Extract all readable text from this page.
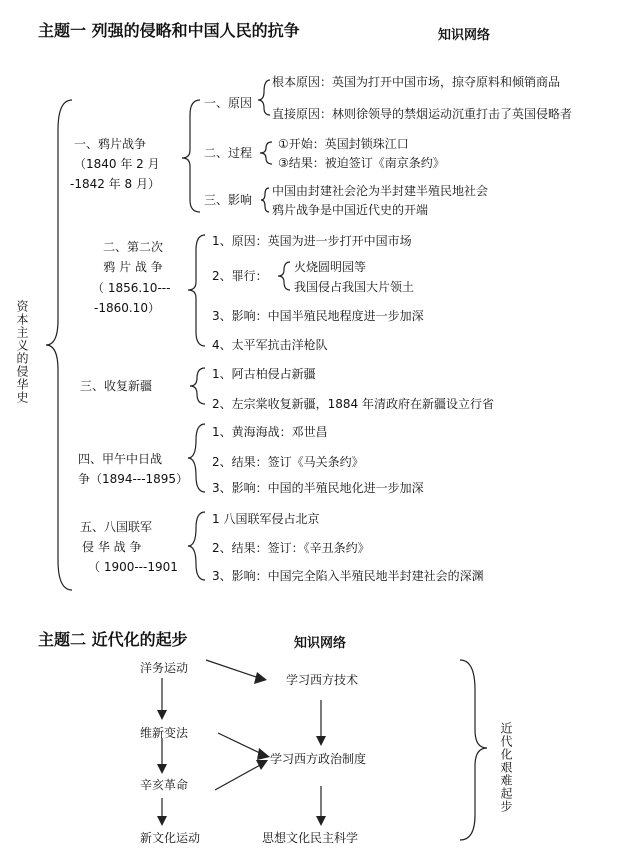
主题一 列强的侵略和中国人民的抗争	知识网络
资本主义的侵华史
一、鸦片战争
（1840 年 2 月
-1842 年 8 月）
一、原因
根本原因：英国为打开中国市场，掠夺原料和倾销商品
直接原因：林则徐领导的禁烟运动沉重打击了英国侵略者
二、过程
①开始：英国封锁珠江口
③结果：被迫签订《南京条约》
三、影响
中国由封建社会沦为半封建半殖民地社会
鸦片战争是中国近代史的开端
二、第二次
鸦 片 战 争
（ 1856.10---
-1860.10）
1、原因：英国为进一步打开中国市场
2、罪行：
火烧圆明园等
我国侵占我国大片领土
3、影响：中国半殖民地程度进一步加深
4、太平军抗击洋枪队
三、收复新疆
1、阿古柏侵占新疆
2、左宗棠收复新疆，1884 年清政府在新疆设立行省
四、甲午中日战
争（1894---1895）
1、黄海海战：邓世昌
2、结果：签订《马关条约》
3、影响：中国的半殖民地化进一步加深
五、八国联军
侵 华 战 争
（ 1900---1901
1 八国联军侵占北京
2、结果：签订：《辛丑条约》
3、影响：中国完全陷入半殖民地半封建社会的深渊
主题二 近代化的起步	知识网络
洋务运动
维新变法
辛亥革命
新文化运动
学习西方技术
学习西方政治制度
思想文化民主科学
近代化艰难起步
